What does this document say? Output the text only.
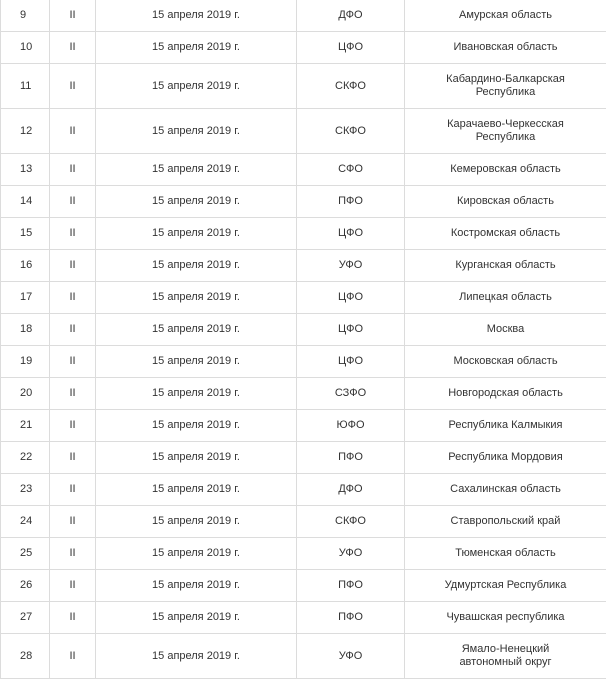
9	II	15 апреля 2019 г.	ДФО	Амурская область
10	II	15 апреля 2019 г.	ЦФО	Ивановская область
11	II	15 апреля 2019 г.	СКФО	Кабардино-Балкарская Республика
12	II	15 апреля 2019 г.	СКФО	Карачаево-Черкесская Республика
13	II	15 апреля 2019 г.	СФО	Кемеровская область
14	II	15 апреля 2019 г.	ПФО	Кировская область
15	II	15 апреля 2019 г.	ЦФО	Костромская область
16	II	15 апреля 2019 г.	УФО	Курганская область
17	II	15 апреля 2019 г.	ЦФО	Липецкая область
18	II	15 апреля 2019 г.	ЦФО	Москва
19	II	15 апреля 2019 г.	ЦФО	Московская область
20	II	15 апреля 2019 г.	СЗФО	Новгородская область
21	II	15 апреля 2019 г.	ЮФО	Республика Калмыкия
22	II	15 апреля 2019 г.	ПФО	Республика Мордовия
23	II	15 апреля 2019 г.	ДФО	Сахалинская область
24	II	15 апреля 2019 г.	СКФО	Ставропольский край
25	II	15 апреля 2019 г.	УФО	Тюменская область
26	II	15 апреля 2019 г.	ПФО	Удмуртская Республика
27	II	15 апреля 2019 г.	ПФО	Чувашская республика
28	II	15 апреля 2019 г.	УФО	Ямало-Ненецкий автономный округ
